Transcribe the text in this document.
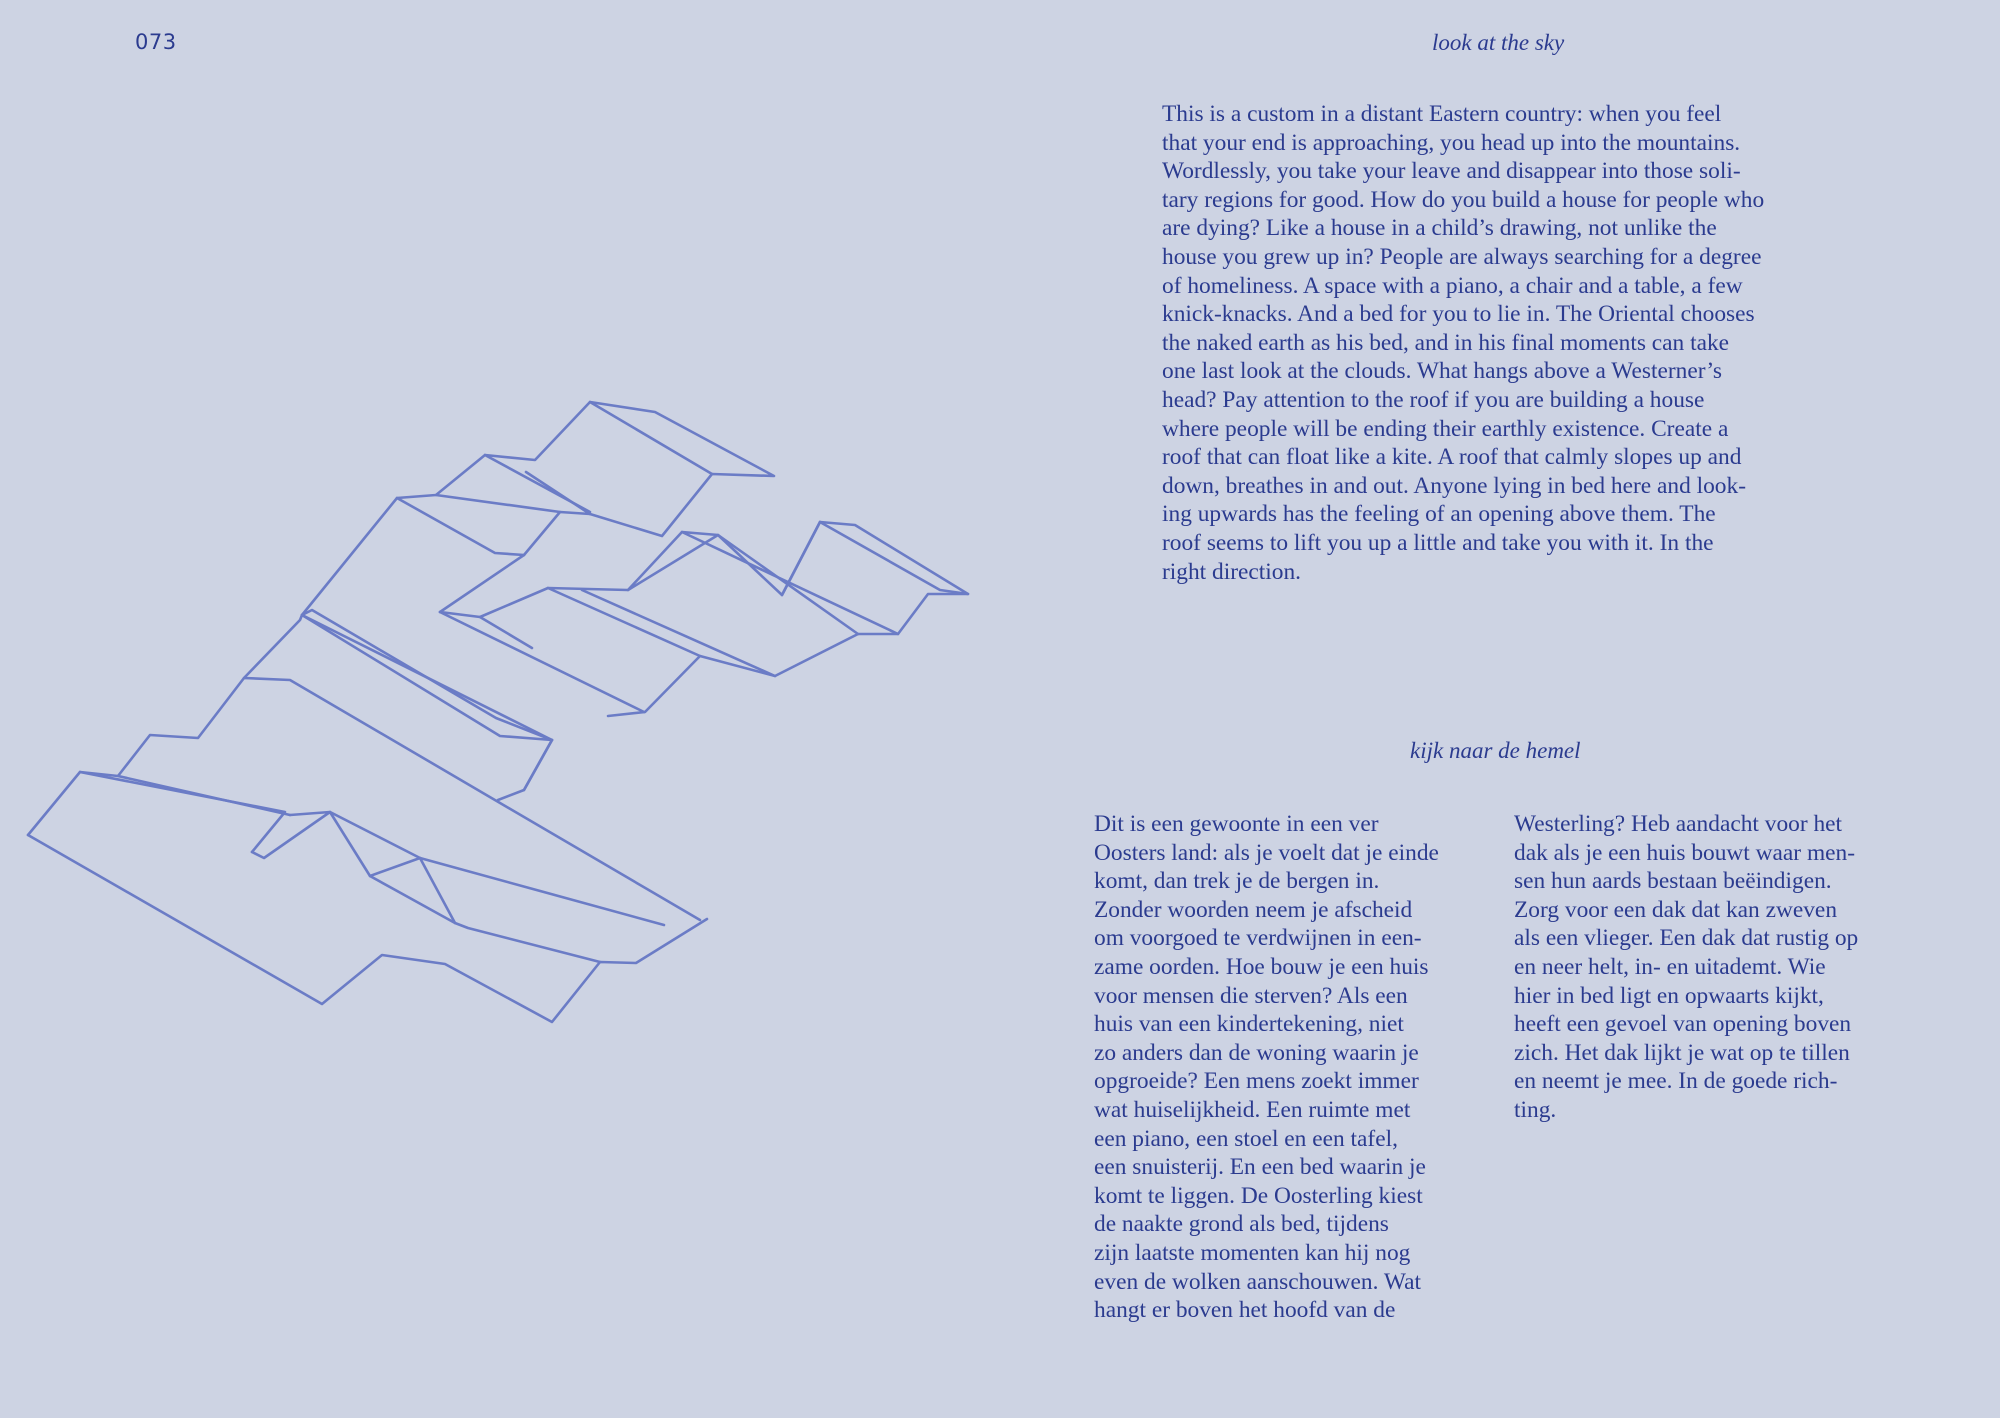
073	look at the sky
This is a custom in a distant Eastern country: when you feel
that your end is approaching, you head up into the mountains.
Wordlessly, you take your leave and disappear into those soli-
tary regions for good. How do you build a house for people who
are dying? Like a house in a child’s drawing, not unlike the
house you grew up in? People are always searching for a degree
of homeliness. A space with a piano, a chair and a table, a few
knick-knacks. And a bed for you to lie in. The Oriental chooses
the naked earth as his bed, and in his final moments can take
one last look at the clouds. What hangs above a Westerner’s
head? Pay attention to the roof if you are building a house
where people will be ending their earthly existence. Create a
roof that can float like a kite. A roof that calmly slopes up and
down, breathes in and out. Anyone lying in bed here and look-
ing upwards has the feeling of an opening above them. The
roof seems to lift you up a little and take you with it. In the
right direction.
kijk naar de hemel
Dit is een gewoonte in een ver
Oosters land: als je voelt dat je einde
komt, dan trek je de bergen in.
Zonder woorden neem je afscheid
om voorgoed te verdwijnen in een-
zame oorden. Hoe bouw je een huis
voor mensen die sterven? Als een
huis van een kindertekening, niet
zo anders dan de woning waarin je
opgroeide? Een mens zoekt immer
wat huiselijkheid. Een ruimte met
een piano, een stoel en een tafel,
een snuisterij. En een bed waarin je
komt te liggen. De Oosterling kiest
de naakte grond als bed, tijdens
zijn laatste momenten kan hij nog
even de wolken aanschouwen. Wat
hangt er boven het hoofd van de
Westerling? Heb aandacht voor het
dak als je een huis bouwt waar men-
sen hun aards bestaan beëindigen.
Zorg voor een dak dat kan zweven
als een vlieger. Een dak dat rustig op
en neer helt, in- en uitademt. Wie
hier in bed ligt en opwaarts kijkt,
heeft een gevoel van opening boven
zich. Het dak lijkt je wat op te tillen
en neemt je mee. In de goede rich-
ting.
